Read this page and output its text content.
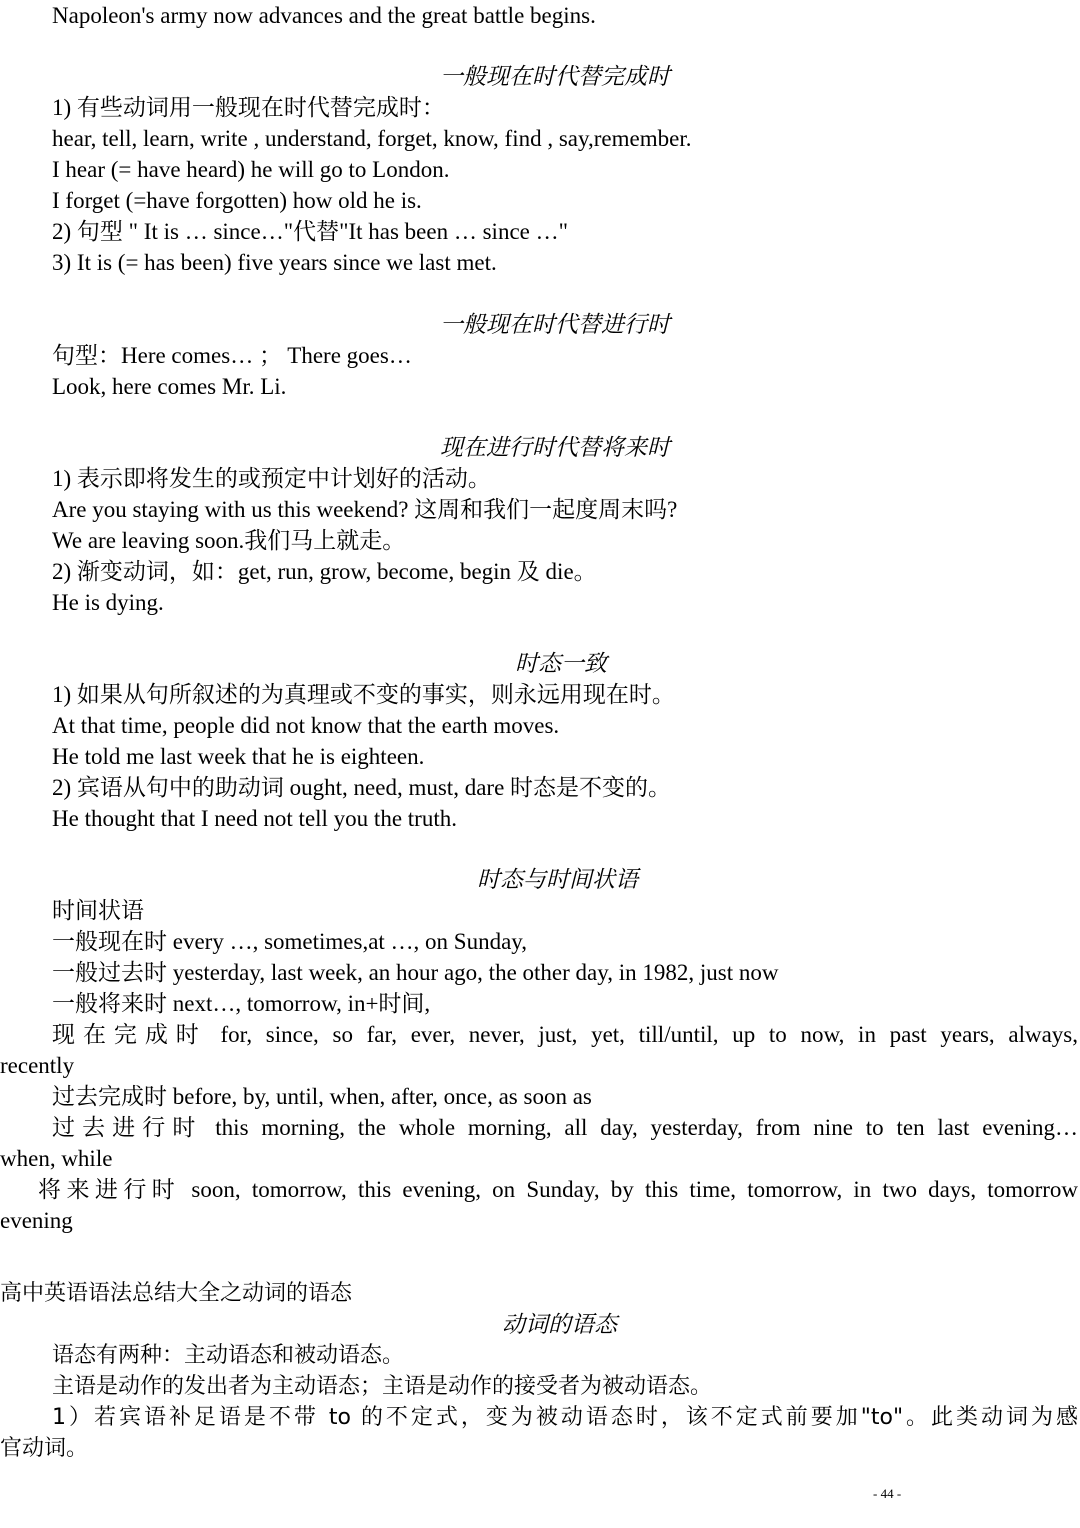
Napoleon's army now advances and the great battle begins.
一般现在时代替完成时
1) 有些动词用一般现在时代替完成时：
hear, tell, learn, write , understand, forget, know, find , say,remember.
I hear (= have heard) he will go to London.
I forget (=have forgotten) how old he is.
2) 句型 " It is … since…"代替"It has been … since …"
3) It is (= has been) five years since we last met.
一般现在时代替进行时
句型：Here comes… ； There goes…
Look, here comes Mr. Li.
现在进行时代替将来时
1) 表示即将发生的或预定中计划好的活动。
Are you staying with us this weekend? 这周和我们一起度周末吗?
We are leaving soon.我们马上就走。
2) 渐变动词，如：get, run, grow, become, begin 及 die。
He is dying.
时态一致
1) 如果从句所叙述的为真理或不变的事实，则永远用现在时。
At that time, people did not know that the earth moves.
He told me last week that he is eighteen.
2) 宾语从句中的助动词 ought, need, must, dare 时态是不变的。
He thought that I need not tell you the truth.
时态与时间状语
时间状语
一般现在时 every …, sometimes,at …, on Sunday,
一般过去时 yesterday, last week, an hour ago, the other day, in 1982, just now
一般将来时 next…, tomorrow, in+时间,
现在完成时 for, since, so far, ever, never, just, yet, till/until, up to now, in past years, always,
recently
过去完成时 before, by, until, when, after, once, as soon as
过去进行时 this morning, the whole morning, all day, yesterday, from nine to ten last evening…
when, while
将来进行时 soon, tomorrow, this evening, on Sunday, by this time, tomorrow, in two days, tomorrow
evening
高中英语语法总结大全之动词的语态
动词的语态
语态有两种：主动语态和被动语态。
主语是动作的发出者为主动语态；主语是动作的接受者为被动语态。
1）若宾语补足语是不带 to 的不定式，变为被动语态时，该不定式前要加"to"。此类动词为感
官动词。
- 44 -
